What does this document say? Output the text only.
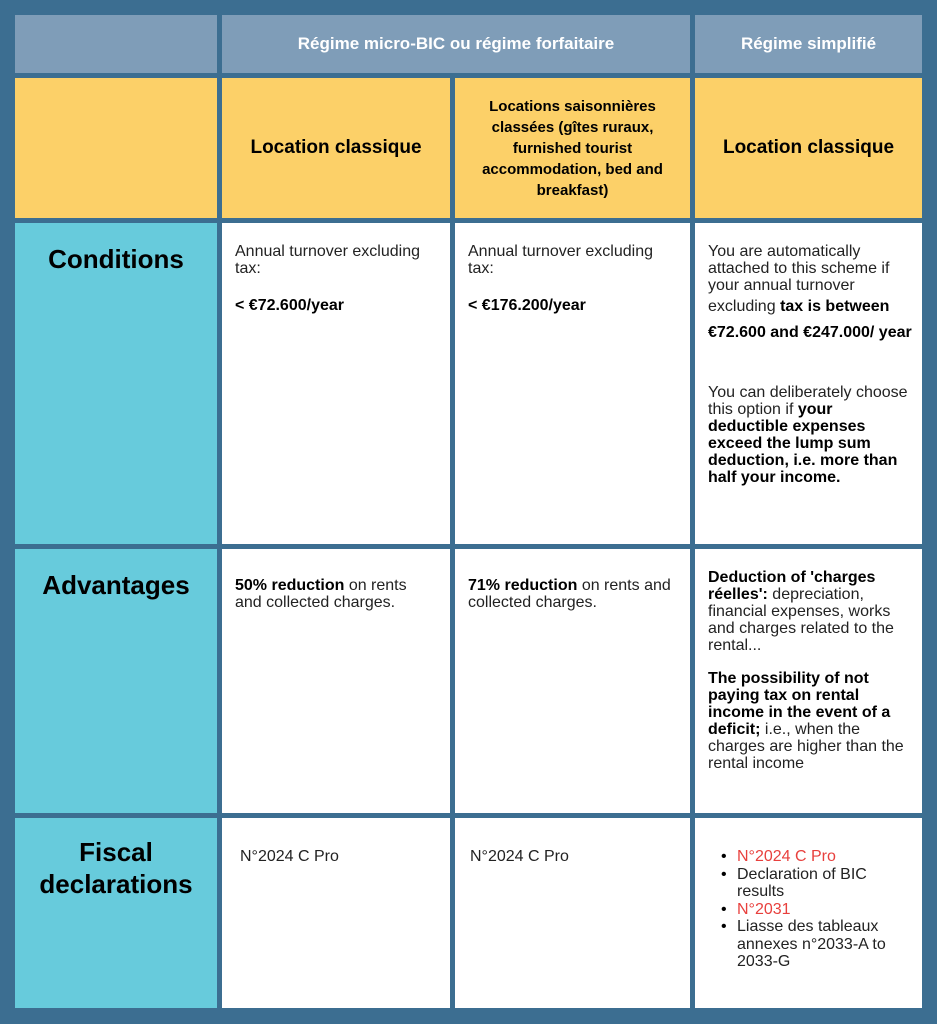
Régime micro-BIC ou régime forfaitaire	Régime simplifié
Location classique
Locations saisonnières classées (gîtes ruraux, furnished tourist accommodation, bed and breakfast)
Location classique
Conditions	Annual turnover excluding tax:

< €72.600/year

Annual turnover excluding tax:

< €176.200/year

You are automatically attached to this scheme if your annual turnover excluding tax is between €72.600 and €247.000/ year

You can deliberately choose this option if your deductible expenses exceed the lump sum deduction, i.e. more than half your income.

Advantages	50% reduction on rents and collected charges.

71% reduction on rents and collected charges.

Deduction of 'charges réelles': depreciation, financial expenses, works and charges related to the rental...

The possibility of not paying tax on rental income in the event of a deficit; i.e., when the charges are higher than the rental income

Fiscal declarations

N°2024 C Pro	N°2024 C Pro

•	N°2024 C Pro
• Declaration of BIC results
• N°2031
• Liasse des tableaux annexes n°2033-A to 2033-G
